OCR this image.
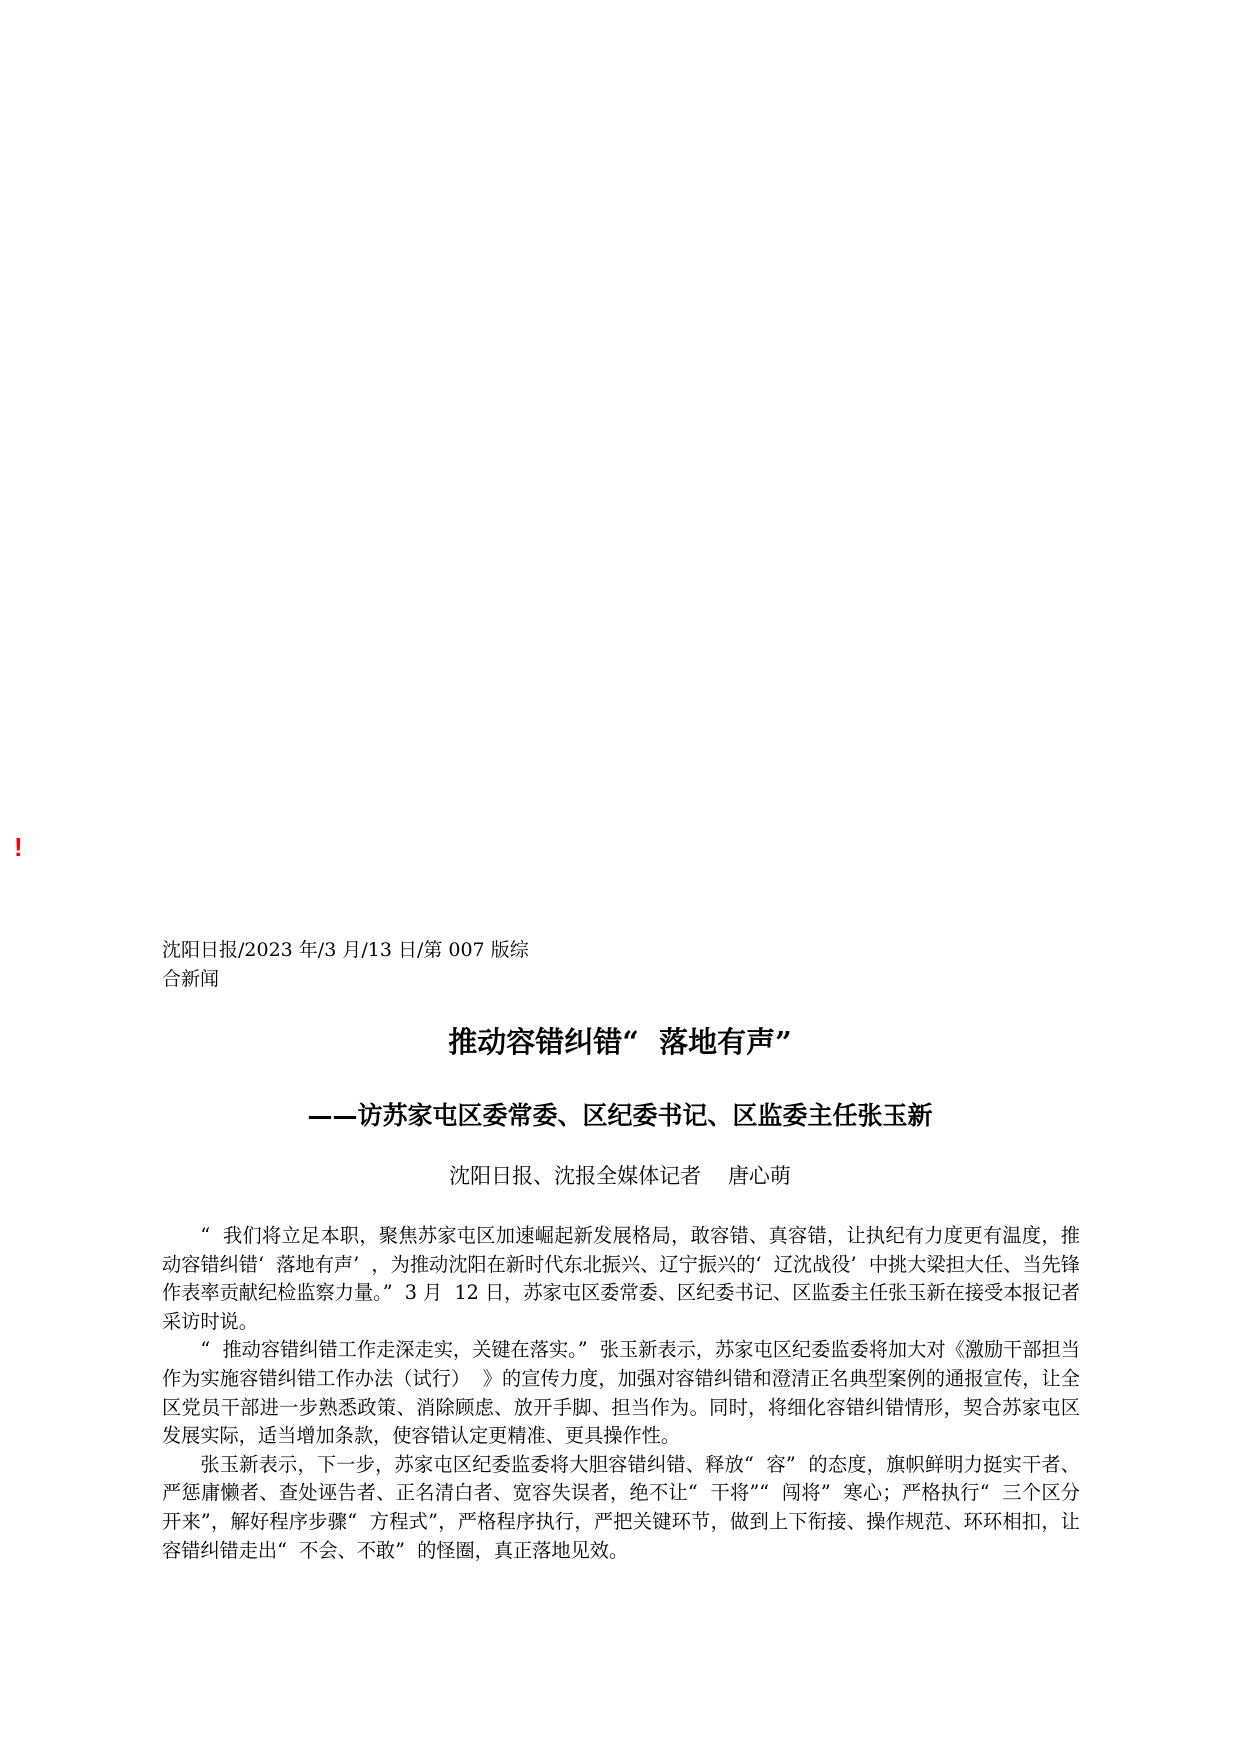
!
沈阳日报/2023 年/3 月/13 日/第 007 版综合新闻
推动容错纠错“  落地有声”
——访苏家屯区委常委、区纪委书记、区监委主任张玉新
沈阳日报、沈报全媒体记者    唐心萌

“  我们将立足本职，聚焦苏家屯区加速崛起新发展格局，敢容错、真容错，让执纪有力度更有温度，推动容错纠错‘  落地有声’  ，为推动沈阳在新时代东北振兴、辽宁振兴的‘  辽沈战役’  中挑大梁担大任、当先锋作表率贡献纪检监察力量。”  3 月  12 日，苏家屯区委常委、区纪委书记、区监委主任张玉新在接受本报记者采访时说。

“  推动容错纠错工作走深走实，关键在落实。”  张玉新表示，苏家屯区纪委监委将加大对《激励干部担当作为实施容错纠错工作办法（试行）  》的宣传力度，加强对容错纠错和澄清正名典型案例的通报宣传，让全区党员干部进一步熟悉政策、消除顾虑、放开手脚、担当作为。同时，将细化容错纠错情形，契合苏家屯区发展实际，适当增加条款，使容错认定更精准、更具操作性。

张玉新表示，下一步，苏家屯区纪委监委将大胆容错纠错、释放“  容”  的态度，旗帜鲜明力挺实干者、严惩庸懒者、查处诬告者、正名清白者、宽容失误者，绝不让“  干将”“  闯将”  寒心；严格执行“  三个区分开来”，解好程序步骤“  方程式”，严格程序执行，严把关键环节，做到上下衔接、操作规范、环环相扣，让容错纠错走出“  不会、不敢”  的怪圈，真正落地见效。
